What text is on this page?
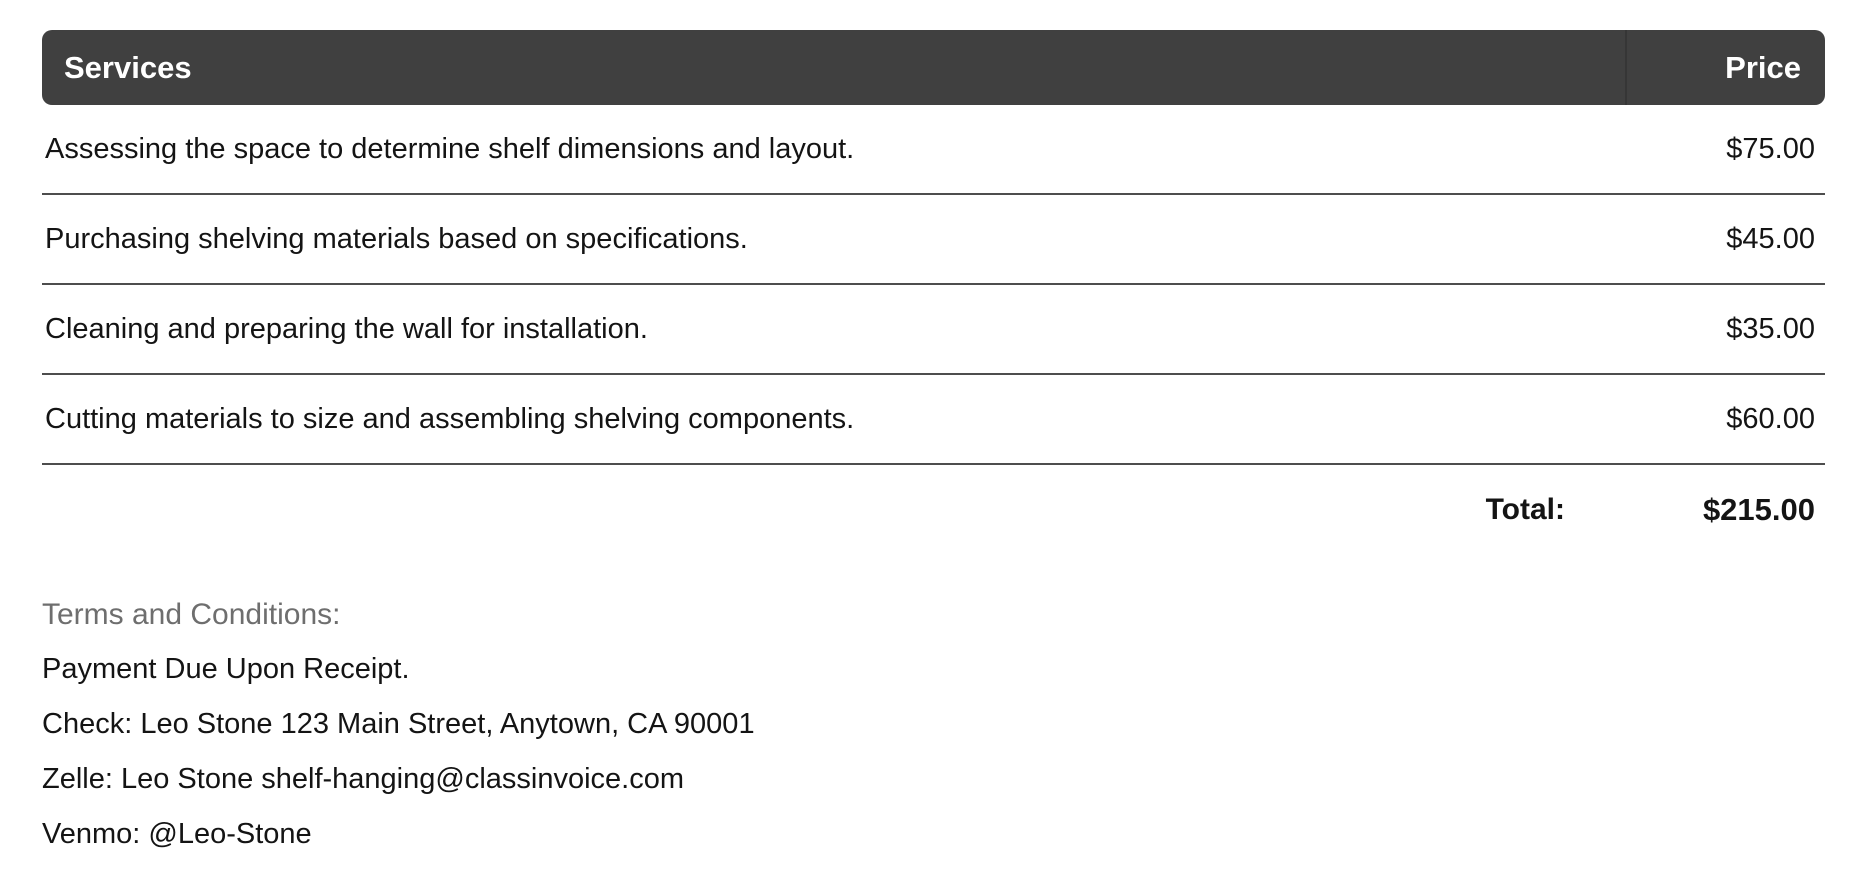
Services	Price
Assessing the space to determine shelf dimensions and layout.	$75.00
Purchasing shelving materials based on specifications.	$45.00
Cleaning and preparing the wall for installation.	$35.00
Cutting materials to size and assembling shelving components.	$60.00
Total:	$215.00
Terms and Conditions:
Payment Due Upon Receipt.
Check: Leo Stone 123 Main Street, Anytown, CA 90001
Zelle: Leo Stone shelf-hanging@classinvoice.com
Venmo: @Leo-Stone
